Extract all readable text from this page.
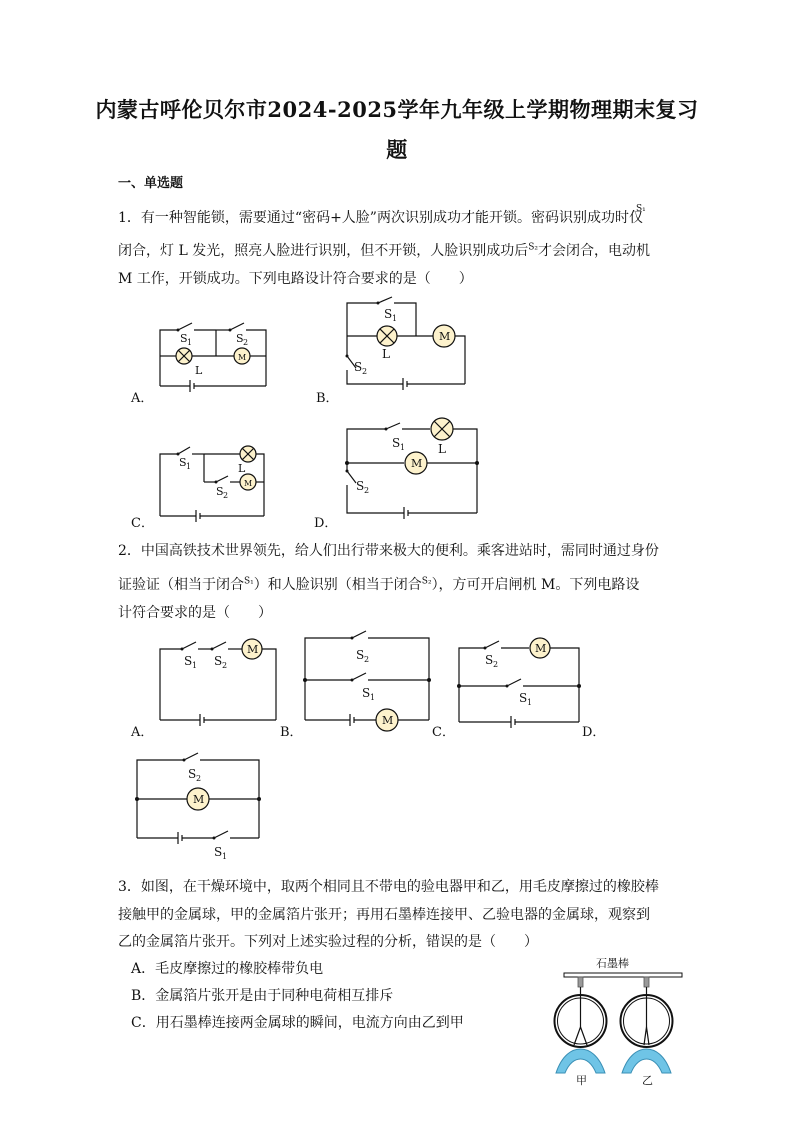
内蒙古呼伦贝尔市2024-2025学年九年级上学期物理期末复习
题
一、单选题
1．有一种智能锁，需要通过“密码+人脸”两次识别成功才能开锁。密码识别成功时仅
S₁
闭合，灯 L 发光，照亮人脸进行识别，但不开锁，人脸识别成功后$^{S_2}$才会闭合，电动机
M 工作，开锁成功。下列电路设计符合要求的是（　　）
A．
S 1	S 2
L
M
B．
S 1
L
M
S 2
C．
S 1	L
M
S 2
D．
S 1	L
M
S 2
2．中国高铁技术世界领先，给人们出行带来极大的便利。乘客进站时，需同时通过身份
证验证（相当于闭合$^{S_1}$）和人脸识别（相当于闭合$^{S_2}$），方可开启闸机 M。下列电路设
计符合要求的是（　　）
A．
S 1 S 2
M
B．
S 2
S 1
M
C．
S 2
S 1
M
D．
S 2
M
S 1
3．如图，在干燥环境中，取两个相同且不带电的验电器甲和乙，用毛皮摩擦过的橡胶棒
接触甲的金属球，甲的金属箔片张开；再用石墨棒连接甲、乙验电器的金属球，观察到
乙的金属箔片张开。下列对上述实验过程的分析，错误的是（　　）
A．毛皮摩擦过的橡胶棒带负电
B．金属箔片张开是由于同种电荷相互排斥
C．用石墨棒连接两金属球的瞬间，电流方向由乙到甲
石墨棒
甲	乙
